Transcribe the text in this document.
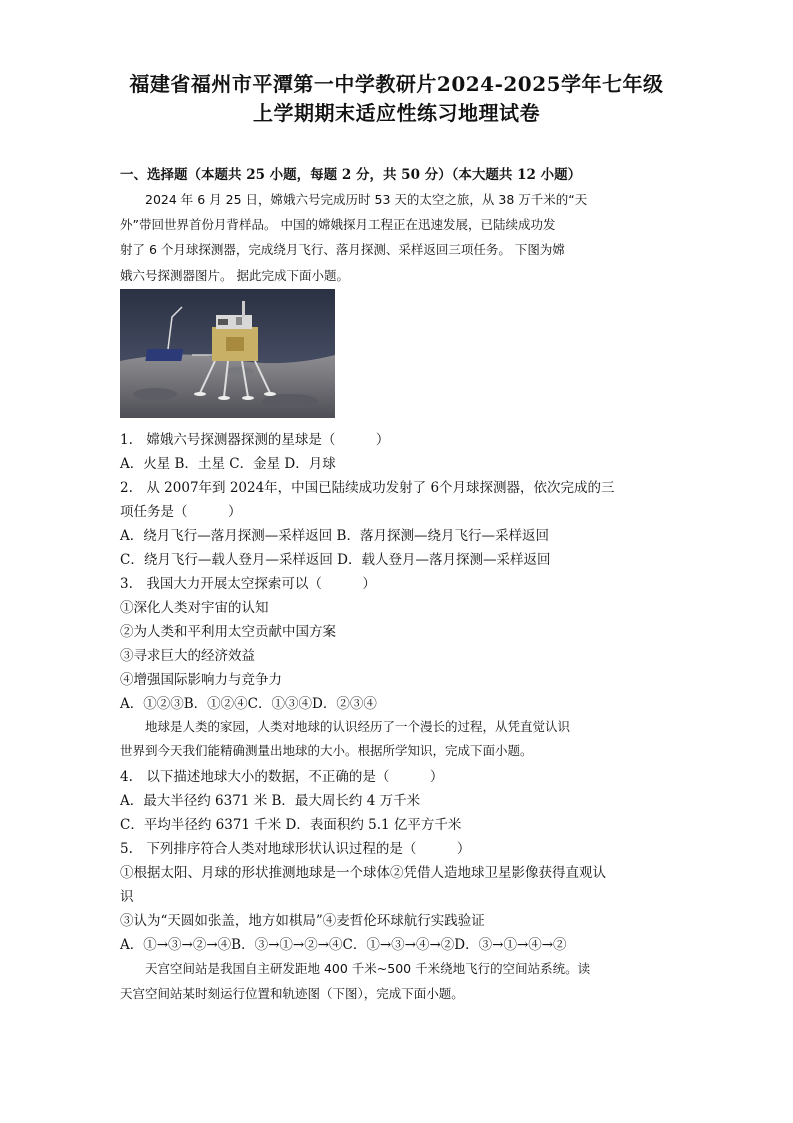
福建省福州市平潭第一中学教研片2024-2025学年七年级
上学期期末适应性练习地理试卷

一、选择题（本题共 25 小题，每题 2 分，共 50 分）（本大题共 12 小题）

　　2024 年 6 月 25 日，嫦娥六号完成历时 53 天的太空之旅，从 38 万千米的“天

外”带回世界首份月背样品。 中国的嫦娥探月工程正在迅速发展，已陆续成功发

射了 6 个月球探测器，完成绕月飞行、落月探测、采样返回三项任务。 下图为嫦

娥六号探测器图片。 据此完成下面小题。

1.　嫦娥六号探测器探测的星球是（　　　）

A．火星 B．土星 C．金星 D．月球

2.　从 2007年到 2024年，中国已陆续成功发射了 6个月球探测器，依次完成的三

项任务是（　　　）

A．绕月飞行—落月探测—采样返回 B．落月探测—绕月飞行—采样返回

C．绕月飞行—载人登月—采样返回 D．载人登月—落月探测—采样返回

3.　我国大力开展太空探索可以（　　　）

①深化人类对宇宙的认知

②为人类和平利用太空贡献中国方案

③寻求巨大的经济效益

④增强国际影响力与竞争力

A．①②③B．①②④C．①③④D．②③④

　　地球是人类的家园，人类对地球的认识经历了一个漫长的过程，从凭直觉认识

世界到今天我们能精确测量出地球的大小。根据所学知识，完成下面小题。

4.　以下描述地球大小的数据，不正确的是（　　　）

A．最大半径约 6371 米 B．最大周长约 4 万千米

C．平均半径约 6371 千米 D．表面积约 5.1 亿平方千米

5.　下列排序符合人类对地球形状认识过程的是（　　　）

①根据太阳、月球的形状推测地球是一个球体②凭借人造地球卫星影像获得直观认

识

③认为“天圆如张盖，地方如棋局”④麦哲伦环球航行实践验证

A．①→③→②→④B．③→①→②→④C．①→③→④→②D．③→①→④→②

　　天宫空间站是我国自主研发距地 400 千米~500 千米绕地飞行的空间站系统。读

天宫空间站某时刻运行位置和轨迹图（下图），完成下面小题。
